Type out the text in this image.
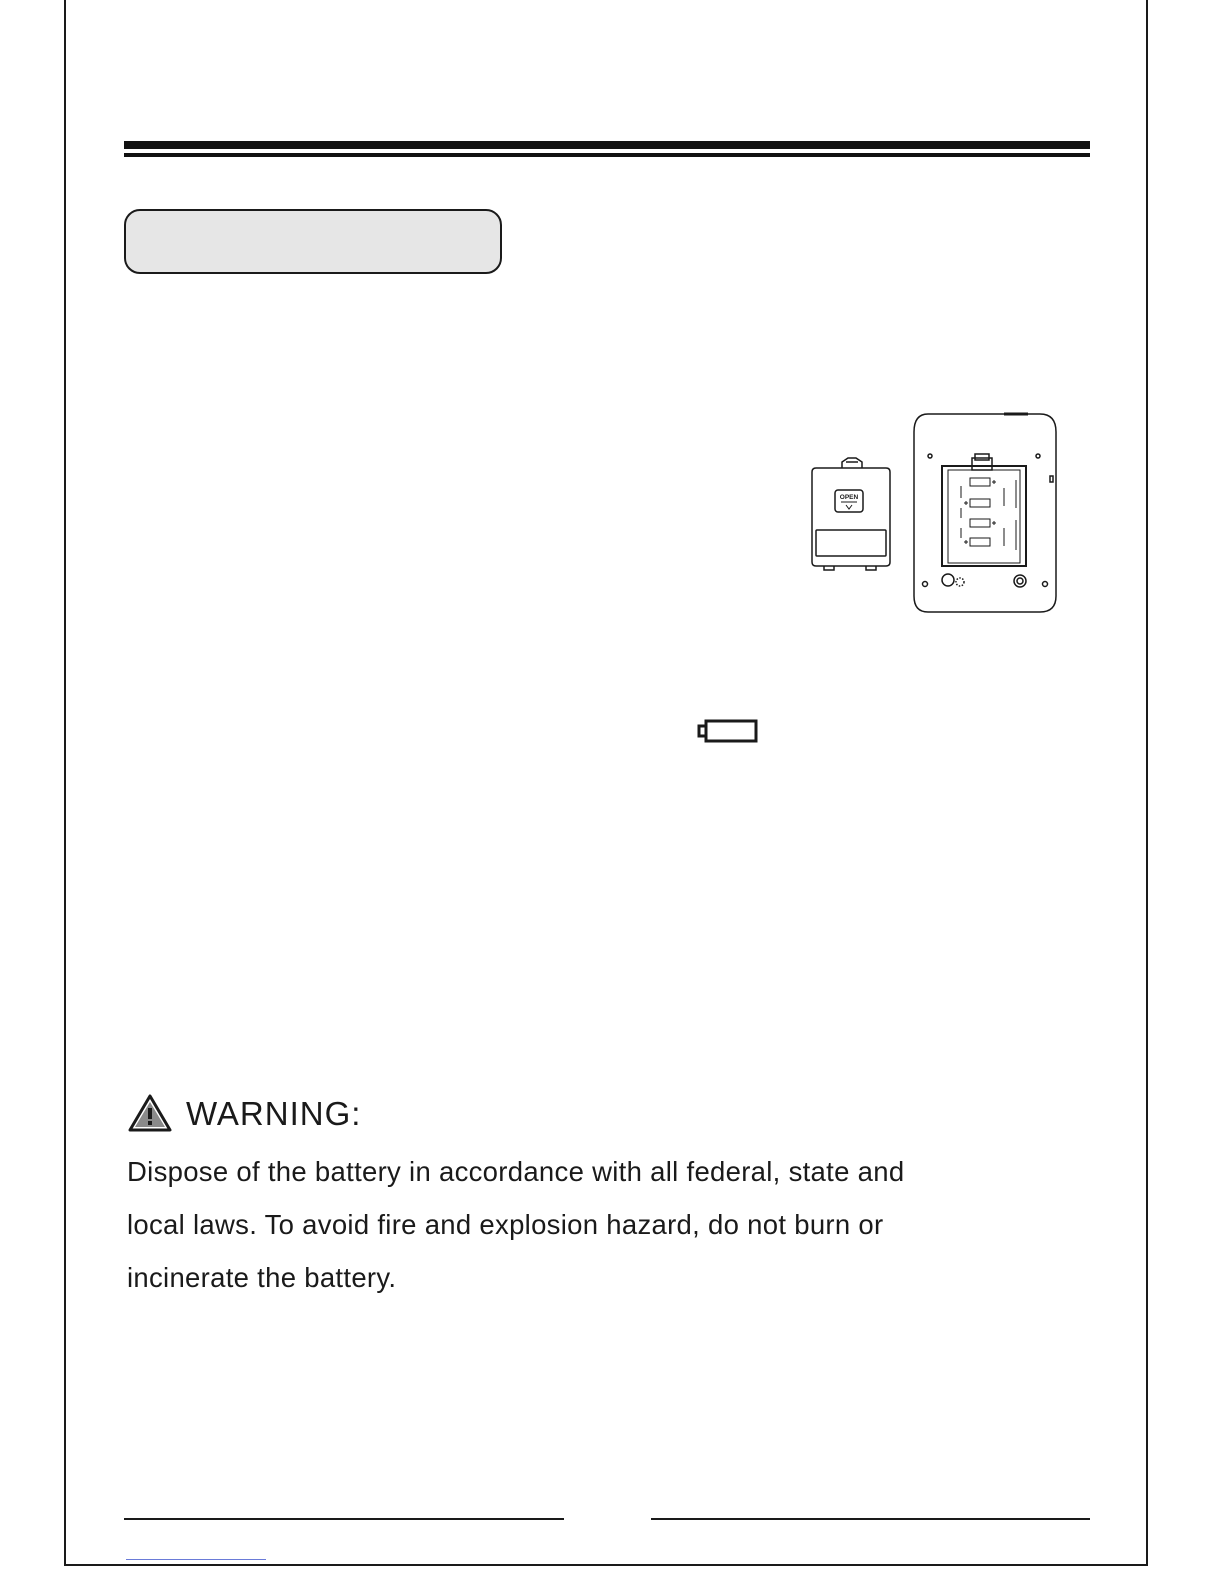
OPEN
WARNING:

Dispose of the battery in accordance with all federal, state and

local laws. To avoid fire and explosion hazard, do not burn or

incinerate the battery.
